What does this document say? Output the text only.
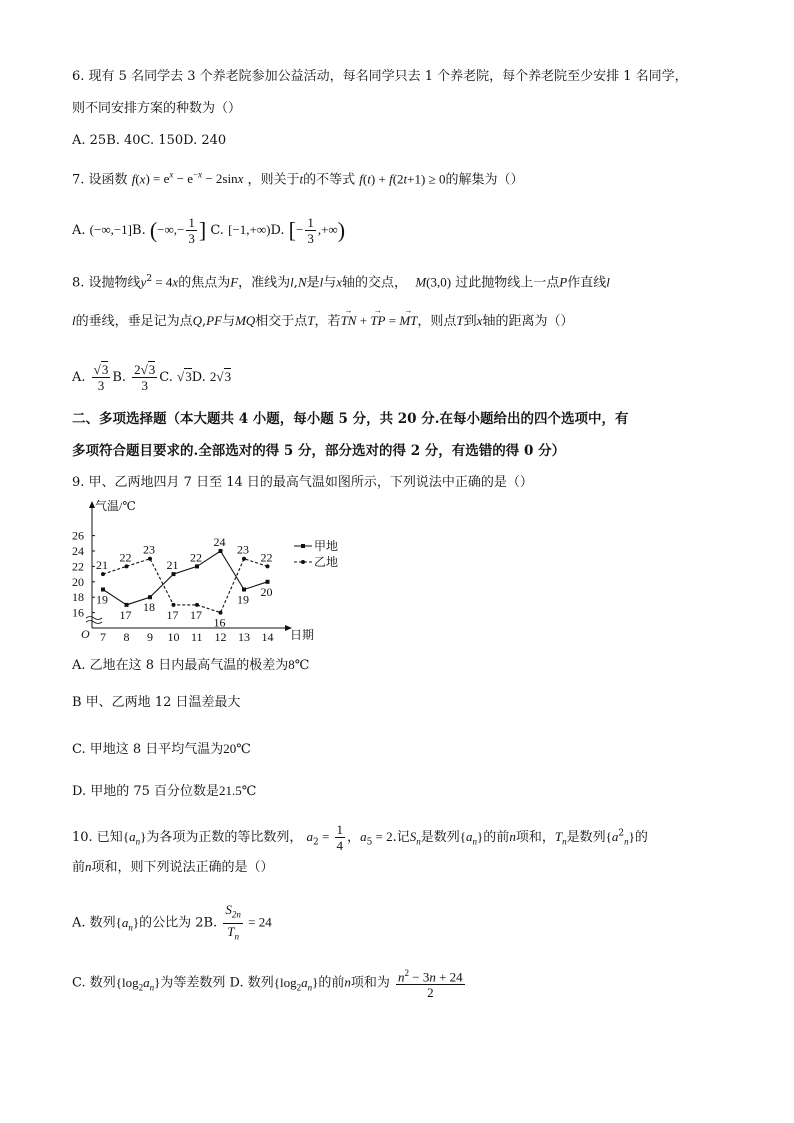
6. 现有 5 名同学去 3 个养老院参加公益活动，每名同学只去 1 个养老院，每个养老院至少安排 1 名同学，
则不同安排方案的种数为（）
A. 25B. 40C. 150D. 240
7. 设函数 $f(x) = e^x - e^{-x} - 2\sin x$ ，则关于t的不等式 f(t) + f(2t+1) ≥ 0的解集为（）
A. (−∞,−1]B. (−∞,− $\frac{1}{3}$ ] C. [−1,+∞)D. [− $\frac{1}{3}$ ,+∞)
8. 设抛物线$y^2 = 4x$的焦点为F，准线为l,N是l与x轴的交点， M(3,0) 过此抛物线上一点P作直线l
l的垂线，垂足记为点Q,PF与MQ相交于点T，若→ TN + → TP = → MT，则点T到x轴的距离为（）
A. $\frac{√3}{3} B$. $\frac{2√3}{3} C$. √3D. 2√3
二、多项选择题（本大题共 4 小题，每小题 5 分，共 20 分.在每小题给出的四个选项中，有
多项符合题目要求的.全部选对的得 5 分，部分选对的得 2 分，有选错的得 0 分）
9. 甲、乙两地四月 7 日至 14 日的最高气温如图所示，下列说法中正确的是（）
气温/℃
日期
O
16
18
20
22
24
26
7 8 9 10 11 12 13 14
19
17
18
24
19
20
21
22
23
17 17
16
23
22
21
22
甲地
乙地
A. 乙地在这 8 日内最高气温的极差为8℃
B 甲、乙两地 12 日温差最大
C. 甲地这 8 日平均气温为20℃
D. 甲地的 75 百分位数是21.5℃
10. 已知$\{a_n\}$为各项为正数的等比数列， $a_2 = \frac{1}{4}$ ，$a_5 = 2$.记$S_n$是数列$\{a_n\}$的前n项和，$T_n$是数列$\{a^2_n\}$的
前n项和，则下列说法正确的是（）
A. 数列$\{a_n\}$的公比为 2B. $\frac{S_{2n}}{T_n} = 24$
C. 数列$\{\log_2a_n\}$为等差数列 D. 数列$\{\log_2a_n\}$的前n项和为 $\frac{n^2 - 3n + 24}{2}$
